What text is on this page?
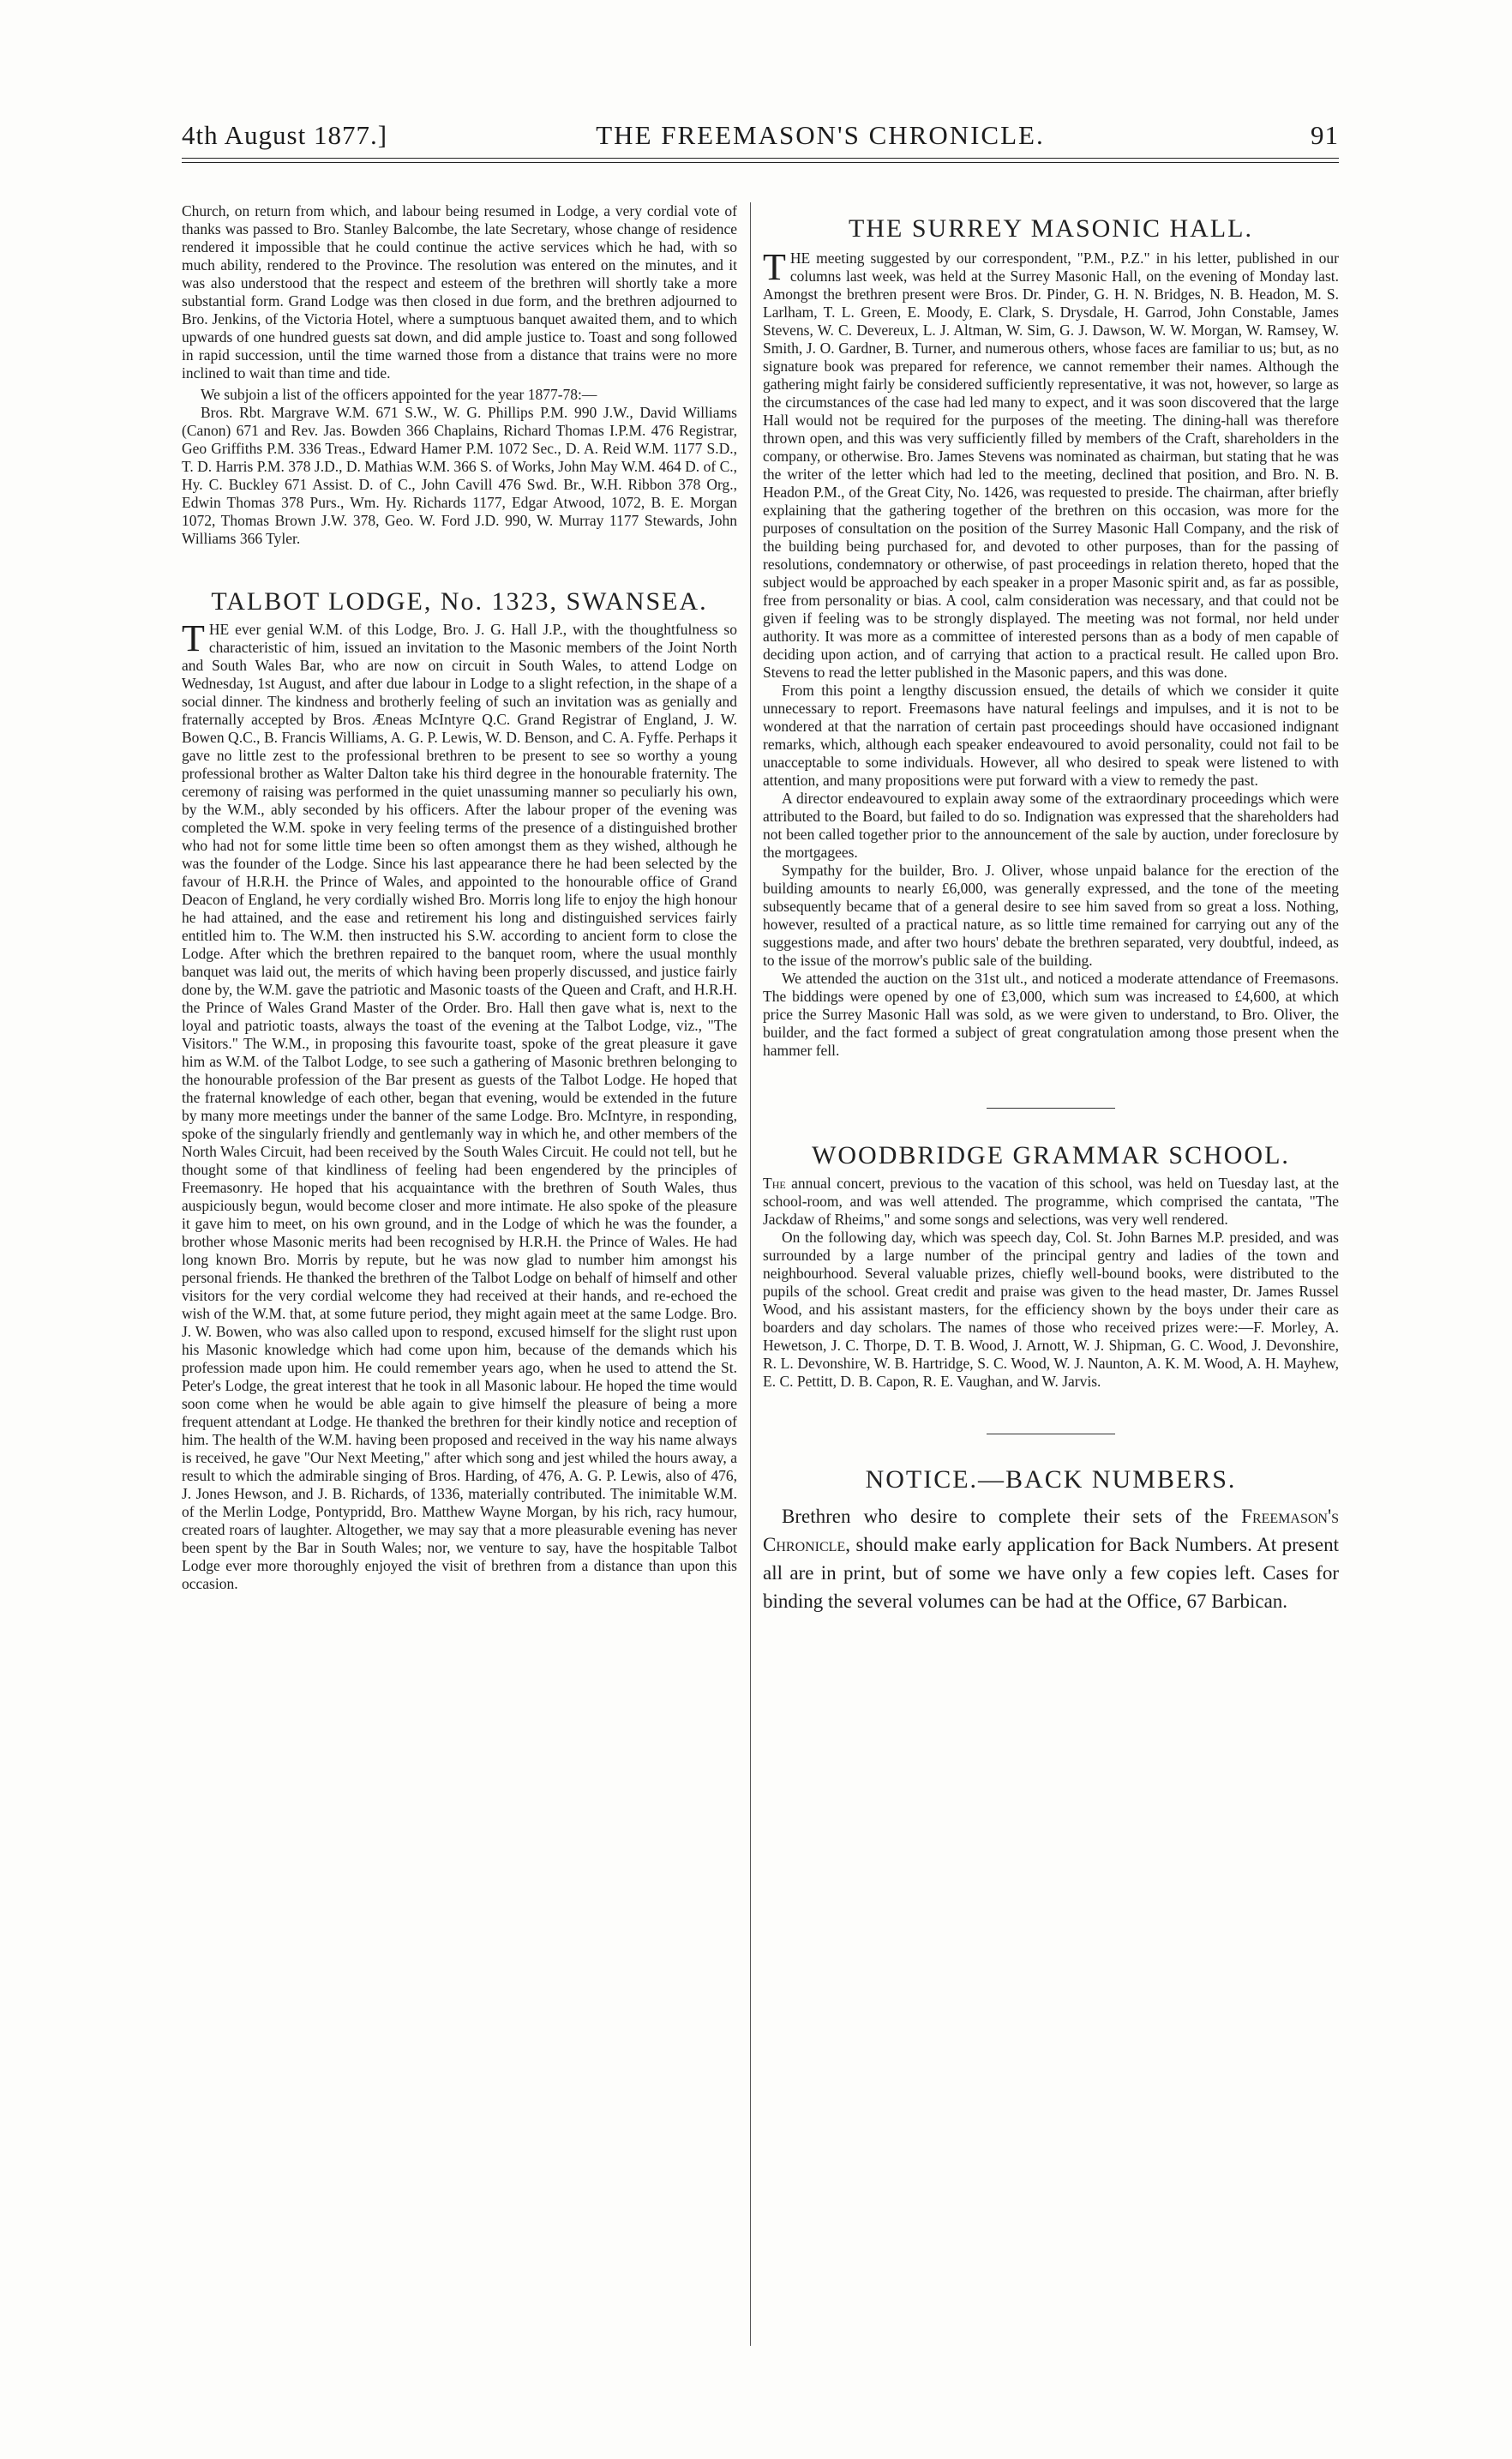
4th August 1877.]	THE FREEMASON'S CHRONICLE.	91

Church, on return from which, and labour being resumed in Lodge, a very cordial vote of thanks was passed to Bro. Stanley Balcombe, the late Secretary, whose change of residence rendered it impossible that he could continue the active services which he had, with so much ability, rendered to the Province. The resolution was entered on the minutes, and it was also understood that the respect and esteem of the brethren will shortly take a more substantial form. Grand Lodge was then closed in due form, and the brethren adjourned to Bro. Jenkins, of the Victoria Hotel, where a sumptuous banquet awaited them, and to which upwards of one hundred guests sat down, and did ample justice to. Toast and song followed in rapid succession, until the time warned those from a distance that trains were no more inclined to wait than time and tide.

We subjoin a list of the officers appointed for the year 1877-78:—

Bros. Rbt. Margrave W.M. 671 S.W., W. G. Phillips P.M. 990 J.W., David Williams (Canon) 671 and Rev. Jas. Bowden 366 Chaplains, Richard Thomas I.P.M. 476 Registrar, Geo Griffiths P.M. 336 Treas., Edward Hamer P.M. 1072 Sec., D. A. Reid W.M. 1177 S.D., T. D. Harris P.M. 378 J.D., D. Mathias W.M. 366 S. of Works, John May W.M. 464 D. of C., Hy. C. Buckley 671 Assist. D. of C., John Cavill 476 Swd. Br., W.H. Ribbon 378 Org., Edwin Thomas 378 Purs., Wm. Hy. Richards 1177, Edgar Atwood, 1072, B. E. Morgan 1072, Thomas Brown J.W. 378, Geo. W. Ford J.D. 990, W. Murray 1177 Stewards, John Williams 366 Tyler.

TALBOT LODGE, No. 1323, SWANSEA.

THE ever genial W.M. of this Lodge, Bro. J. G. Hall J.P., with the thoughtfulness so characteristic of him, issued an invitation to the Masonic members of the Joint North and South Wales Bar, who are now on circuit in South Wales, to attend Lodge on Wednesday, 1st August, and after due labour in Lodge to a slight refection, in the shape of a social dinner. The kindness and brotherly feeling of such an invitation was as genially and fraternally accepted by Bros. Æneas McIntyre Q.C. Grand Registrar of England, J. W. Bowen Q.C., B. Francis Williams, A. G. P. Lewis, W. D. Benson, and C. A. Fyffe. Perhaps it gave no little zest to the professional brethren to be present to see so worthy a young professional brother as Walter Dalton take his third degree in the honourable fraternity. The ceremony of raising was performed in the quiet unassuming manner so peculiarly his own, by the W.M., ably seconded by his officers. After the labour proper of the evening was completed the W.M. spoke in very feeling terms of the presence of a distinguished brother who had not for some little time been so often amongst them as they wished, although he was the founder of the Lodge. Since his last appearance there he had been selected by the favour of H.R.H. the Prince of Wales, and appointed to the honourable office of Grand Deacon of England, he very cordially wished Bro. Morris long life to enjoy the high honour he had attained, and the ease and retirement his long and distinguished services fairly entitled him to. The W.M. then instructed his S.W. according to ancient form to close the Lodge. After which the brethren repaired to the banquet room, where the usual monthly banquet was laid out, the merits of which having been properly discussed, and justice fairly done by, the W.M. gave the patriotic and Masonic toasts of the Queen and Craft, and H.R.H. the Prince of Wales Grand Master of the Order. Bro. Hall then gave what is, next to the loyal and patriotic toasts, always the toast of the evening at the Talbot Lodge, viz., "The Visitors." The W.M., in proposing this favourite toast, spoke of the great pleasure it gave him as W.M. of the Talbot Lodge, to see such a gathering of Masonic brethren belonging to the honourable profession of the Bar present as guests of the Talbot Lodge. He hoped that the fraternal knowledge of each other, began that evening, would be extended in the future by many more meetings under the banner of the same Lodge. Bro. McIntyre, in responding, spoke of the singularly friendly and gentlemanly way in which he, and other members of the North Wales Circuit, had been received by the South Wales Circuit. He could not tell, but he thought some of that kindliness of feeling had been engendered by the principles of Freemasonry. He hoped that his acquaintance with the brethren of South Wales, thus auspiciously begun, would become closer and more intimate. He also spoke of the pleasure it gave him to meet, on his own ground, and in the Lodge of which he was the founder, a brother whose Masonic merits had been recognised by H.R.H. the Prince of Wales. He had long known Bro. Morris by repute, but he was now glad to number him amongst his personal friends. He thanked the brethren of the Talbot Lodge on behalf of himself and other visitors for the very cordial welcome they had received at their hands, and re-echoed the wish of the W.M. that, at some future period, they might again meet at the same Lodge. Bro. J. W. Bowen, who was also called upon to respond, excused himself for the slight rust upon his Masonic knowledge which had come upon him, because of the demands which his profession made upon him. He could remember years ago, when he used to attend the St. Peter's Lodge, the great interest that he took in all Masonic labour. He hoped the time would soon come when he would be able again to give himself the pleasure of being a more frequent attendant at Lodge. He thanked the brethren for their kindly notice and reception of him. The health of the W.M. having been proposed and received in the way his name always is received, he gave "Our Next Meeting," after which song and jest whiled the hours away, a result to which the admirable singing of Bros. Harding, of 476, A. G. P. Lewis, also of 476, J. Jones Hewson, and J. B. Richards, of 1336, materially contributed. The inimitable W.M. of the Merlin Lodge, Pontypridd, Bro. Matthew Wayne Morgan, by his rich, racy humour, created roars of laughter. Altogether, we may say that a more pleasurable evening has never been spent by the Bar in South Wales; nor, we venture to say, have the hospitable Talbot Lodge ever more thoroughly enjoyed the visit of brethren from a distance than upon this occasion.

THE SURREY MASONIC HALL.

THE meeting suggested by our correspondent, "P.M., P.Z." in his letter, published in our columns last week, was held at the Surrey Masonic Hall, on the evening of Monday last. Amongst the brethren present were Bros. Dr. Pinder, G. H. N. Bridges, N. B. Headon, M. S. Larlham, T. L. Green, E. Moody, E. Clark, S. Drysdale, H. Garrod, John Constable, James Stevens, W. C. Devereux, L. J. Altman, W. Sim, G. J. Dawson, W. W. Morgan, W. Ramsey, W. Smith, J. O. Gardner, B. Turner, and numerous others, whose faces are familiar to us; but, as no signature book was prepared for reference, we cannot remember their names. Although the gathering might fairly be considered sufficiently representative, it was not, however, so large as the circumstances of the case had led many to expect, and it was soon discovered that the large Hall would not be required for the purposes of the meeting. The dining-hall was therefore thrown open, and this was very sufficiently filled by members of the Craft, shareholders in the company, or otherwise. Bro. James Stevens was nominated as chairman, but stating that he was the writer of the letter which had led to the meeting, declined that position, and Bro. N. B. Headon P.M., of the Great City, No. 1426, was requested to preside. The chairman, after briefly explaining that the gathering together of the brethren on this occasion, was more for the purposes of consultation on the position of the Surrey Masonic Hall Company, and the risk of the building being purchased for, and devoted to other purposes, than for the passing of resolutions, condemnatory or otherwise, of past proceedings in relation thereto, hoped that the subject would be approached by each speaker in a proper Masonic spirit and, as far as possible, free from personality or bias. A cool, calm consideration was necessary, and that could not be given if feeling was to be strongly displayed. The meeting was not formal, nor held under authority. It was more as a committee of interested persons than as a body of men capable of deciding upon action, and of carrying that action to a practical result. He called upon Bro. Stevens to read the letter published in the Masonic papers, and this was done.

From this point a lengthy discussion ensued, the details of which we consider it quite unnecessary to report. Freemasons have natural feelings and impulses, and it is not to be wondered at that the narration of certain past proceedings should have occasioned indignant remarks, which, although each speaker endeavoured to avoid personality, could not fail to be unacceptable to some individuals. However, all who desired to speak were listened to with attention, and many propositions were put forward with a view to remedy the past.

A director endeavoured to explain away some of the extraordinary proceedings which were attributed to the Board, but failed to do so. Indignation was expressed that the shareholders had not been called together prior to the announcement of the sale by auction, under foreclosure by the mortgagees.

Sympathy for the builder, Bro. J. Oliver, whose unpaid balance for the erection of the building amounts to nearly £6,000, was generally expressed, and the tone of the meeting subsequently became that of a general desire to see him saved from so great a loss. Nothing, however, resulted of a practical nature, as so little time remained for carrying out any of the suggestions made, and after two hours' debate the brethren separated, very doubtful, indeed, as to the issue of the morrow's public sale of the building.

We attended the auction on the 31st ult., and noticed a moderate attendance of Freemasons. The biddings were opened by one of £3,000, which sum was increased to £4,600, at which price the Surrey Masonic Hall was sold, as we were given to understand, to Bro. Oliver, the builder, and the fact formed a subject of great congratulation among those present when the hammer fell.

WOODBRIDGE GRAMMAR SCHOOL.

The annual concert, previous to the vacation of this school, was held on Tuesday last, at the school-room, and was well attended. The programme, which comprised the cantata, "The Jackdaw of Rheims," and some songs and selections, was very well rendered.

On the following day, which was speech day, Col. St. John Barnes M.P. presided, and was surrounded by a large number of the principal gentry and ladies of the town and neighbourhood. Several valuable prizes, chiefly well-bound books, were distributed to the pupils of the school. Great credit and praise was given to the head master, Dr. James Russel Wood, and his assistant masters, for the efficiency shown by the boys under their care as boarders and day scholars. The names of those who received prizes were:—F. Morley, A. Hewetson, J. C. Thorpe, D. T. B. Wood, J. Arnott, W. J. Shipman, G. C. Wood, J. Devonshire, R. L. Devonshire, W. B. Hartridge, S. C. Wood, W. J. Naunton, A. K. M. Wood, A. H. Mayhew, E. C. Pettitt, D. B. Capon, R. E. Vaughan, and W. Jarvis.

NOTICE.—BACK NUMBERS.

Brethren who desire to complete their sets of the Freemason's Chronicle, should make early application for Back Numbers. At present all are in print, but of some we have only a few copies left. Cases for binding the several volumes can be had at the Office, 67 Barbican.
